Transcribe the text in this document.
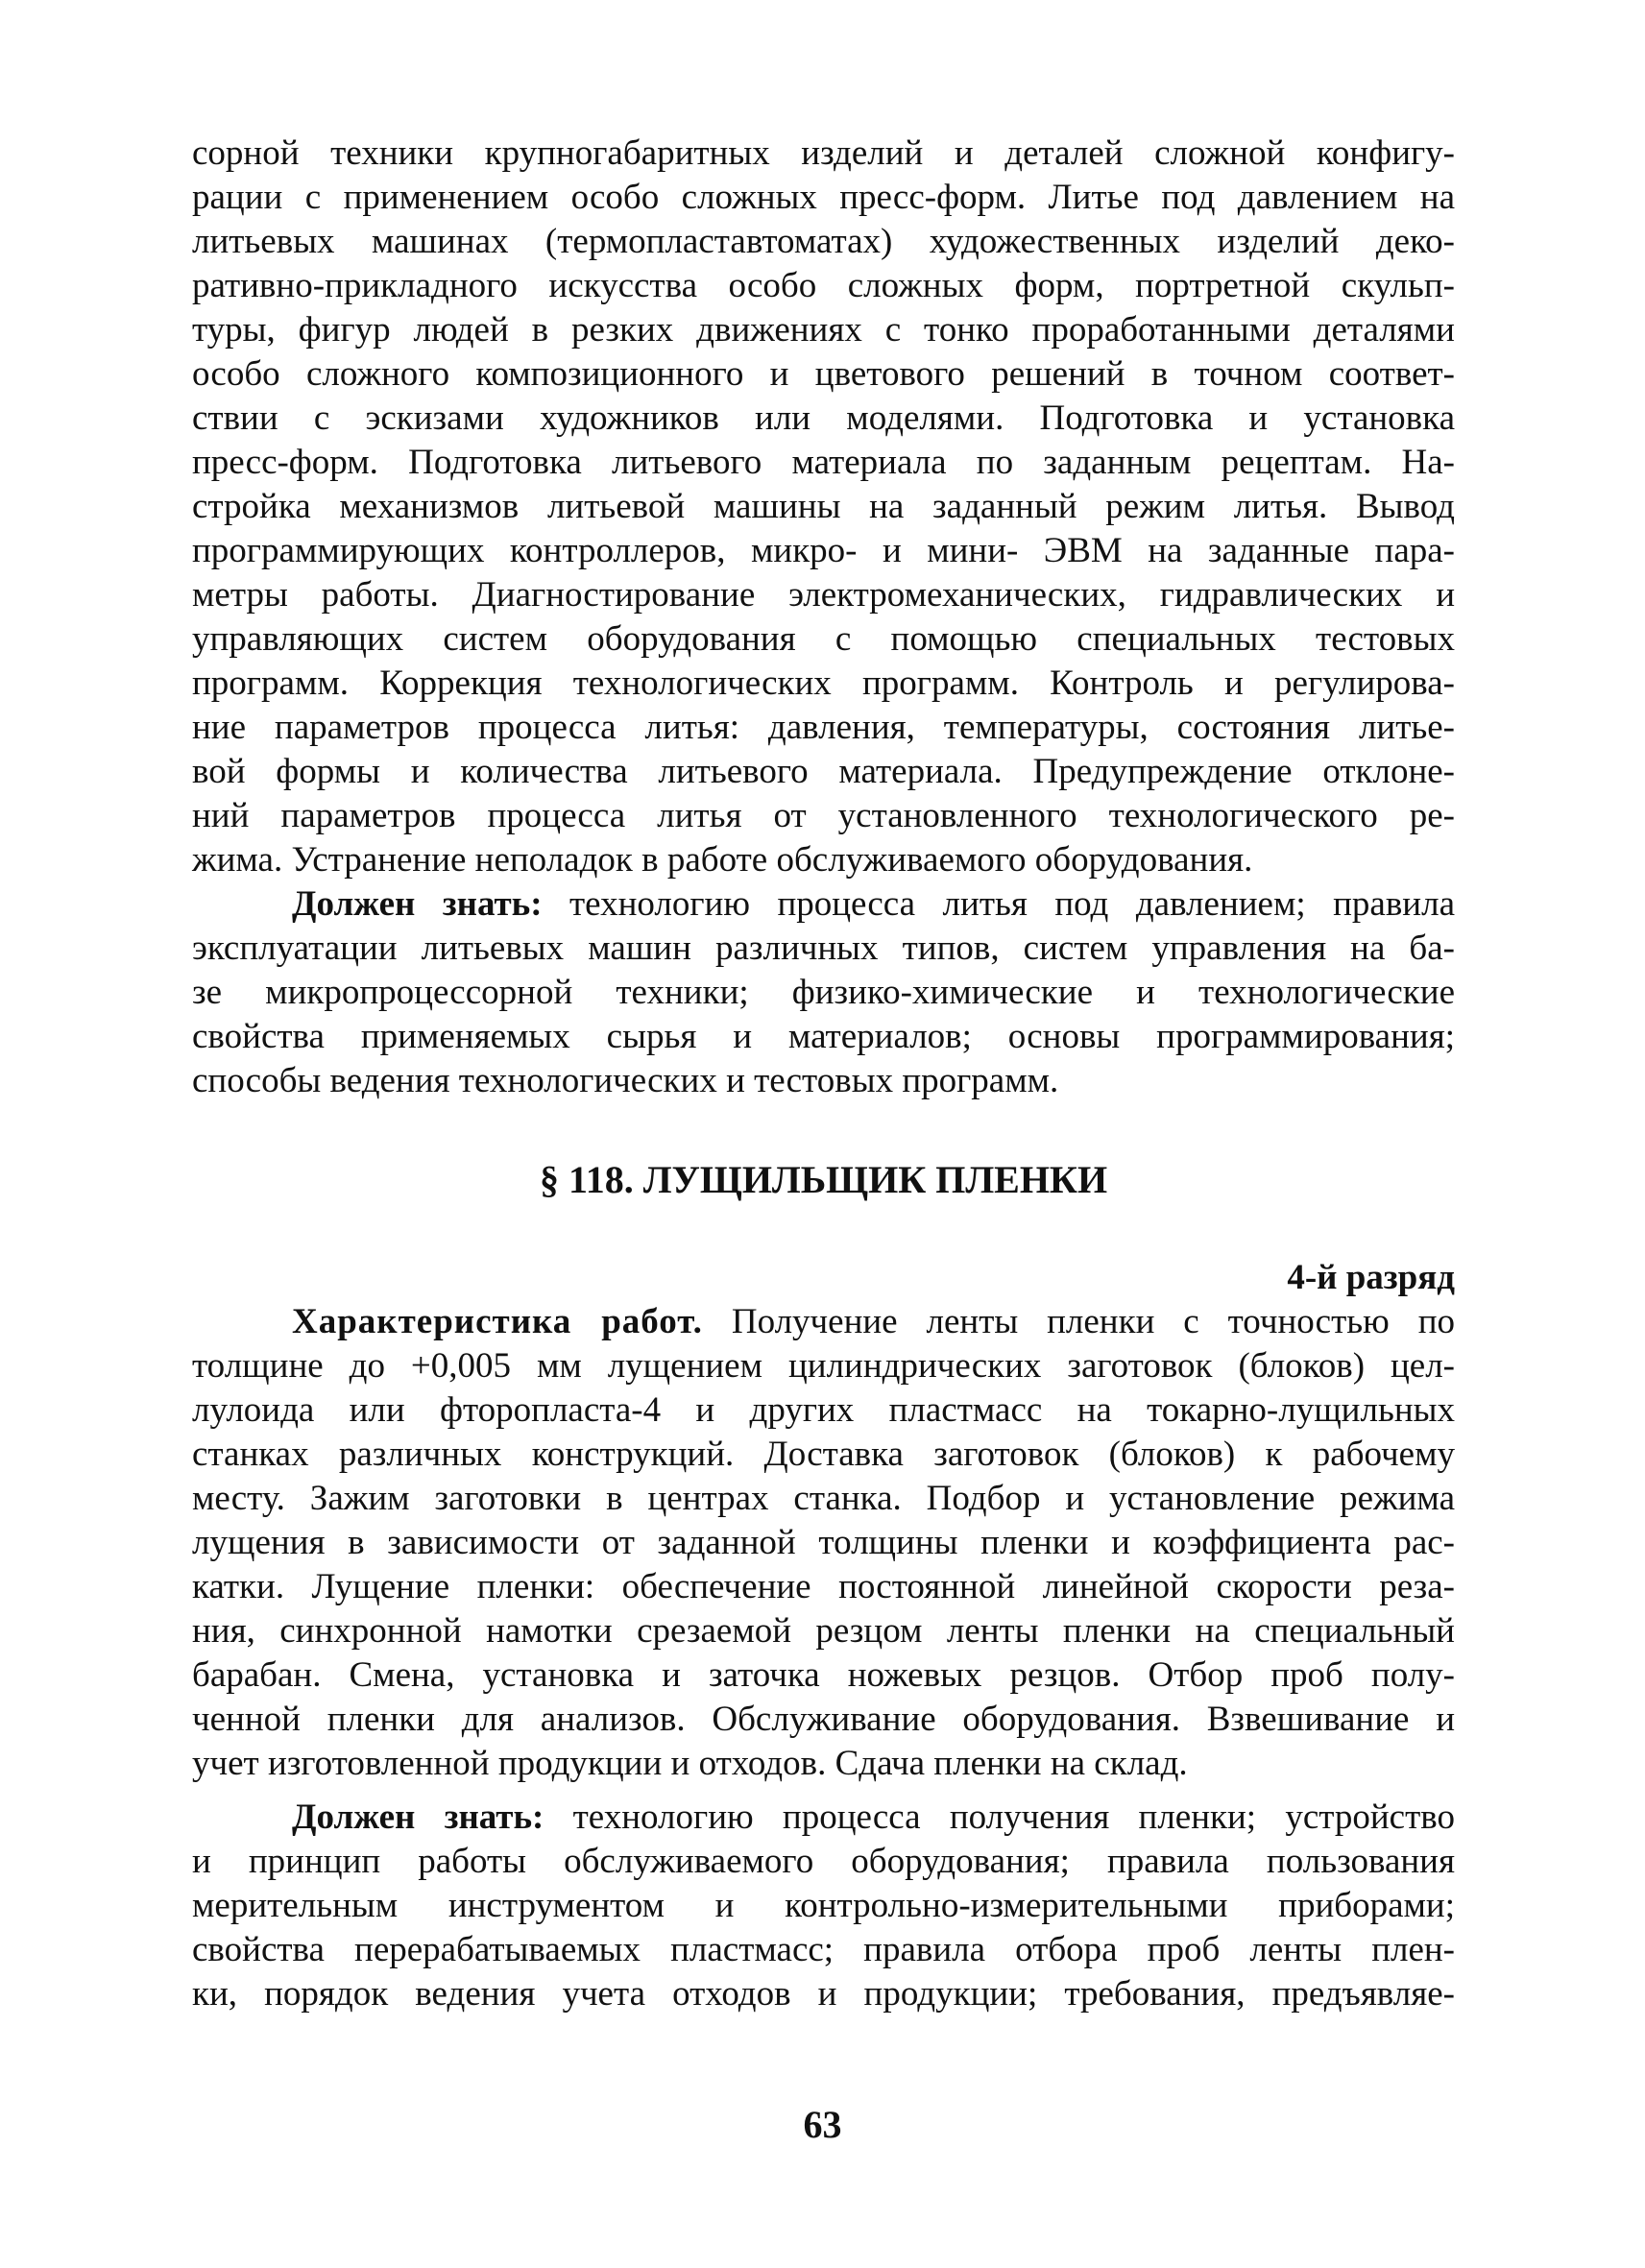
сорной техники крупногабаритных изделий и деталей сложной конфигу-
рации с применением особо сложных пресс-форм. Литье под давлением на
литьевых машинах (термопластавтоматах) художественных изделий деко-
ративно-прикладного искусства особо сложных форм, портретной скульп-
туры, фигур людей в резких движениях с тонко проработанными деталями
особо сложного композиционного и цветового решений в точном соответ-
ствии с эскизами художников или моделями. Подготовка и установка
пресс-форм. Подготовка литьевого материала по заданным рецептам. На-
стройка механизмов литьевой машины на заданный режим литья. Вывод
программирующих контроллеров, микро- и мини- ЭВМ на заданные пара-
метры работы. Диагностирование электромеханических, гидравлических и
управляющих систем оборудования с помощью специальных тестовых
программ. Коррекция технологических программ. Контроль и регулирова-
ние параметров процесса литья: давления, температуры, состояния литье-
вой формы и количества литьевого материала. Предупреждение отклоне-
ний параметров процесса литья от установленного технологического ре-
жима. Устранение неполадок в работе обслуживаемого оборудования.
Должен знать: технологию процесса литья под давлением; правила
эксплуатации литьевых машин различных типов, систем управления на ба-
зе микропроцессорной техники; физико-химические и технологические
свойства применяемых сырья и материалов; основы программирования;
способы ведения технологических и тестовых программ.
§ 118. ЛУЩИЛЬЩИК ПЛЕНКИ
4-й разряд
Характеристика работ. Получение ленты пленки с точностью по
толщине до +0,005 мм лущением цилиндрических заготовок (блоков) цел-
лулоида или фторопласта-4 и других пластмасс на токарно-лущильных
станках различных конструкций. Доставка заготовок (блоков) к рабочему
месту. Зажим заготовки в центрах станка. Подбор и установление режима
лущения в зависимости от заданной толщины пленки и коэффициента рас-
катки. Лущение пленки: обеспечение постоянной линейной скорости реза-
ния, синхронной намотки срезаемой резцом ленты пленки на специальный
барабан. Смена, установка и заточка ножевых резцов. Отбор проб полу-
ченной пленки для анализов. Обслуживание оборудования. Взвешивание и
учет изготовленной продукции и отходов. Сдача пленки на склад.
Должен знать: технологию процесса получения пленки; устройство
и принцип работы обслуживаемого оборудования; правила пользования
мерительным инструментом и контрольно-измерительными приборами;
свойства перерабатываемых пластмасс; правила отбора проб ленты плен-
ки, порядок ведения учета отходов и продукции; требования, предъявляе-
63
